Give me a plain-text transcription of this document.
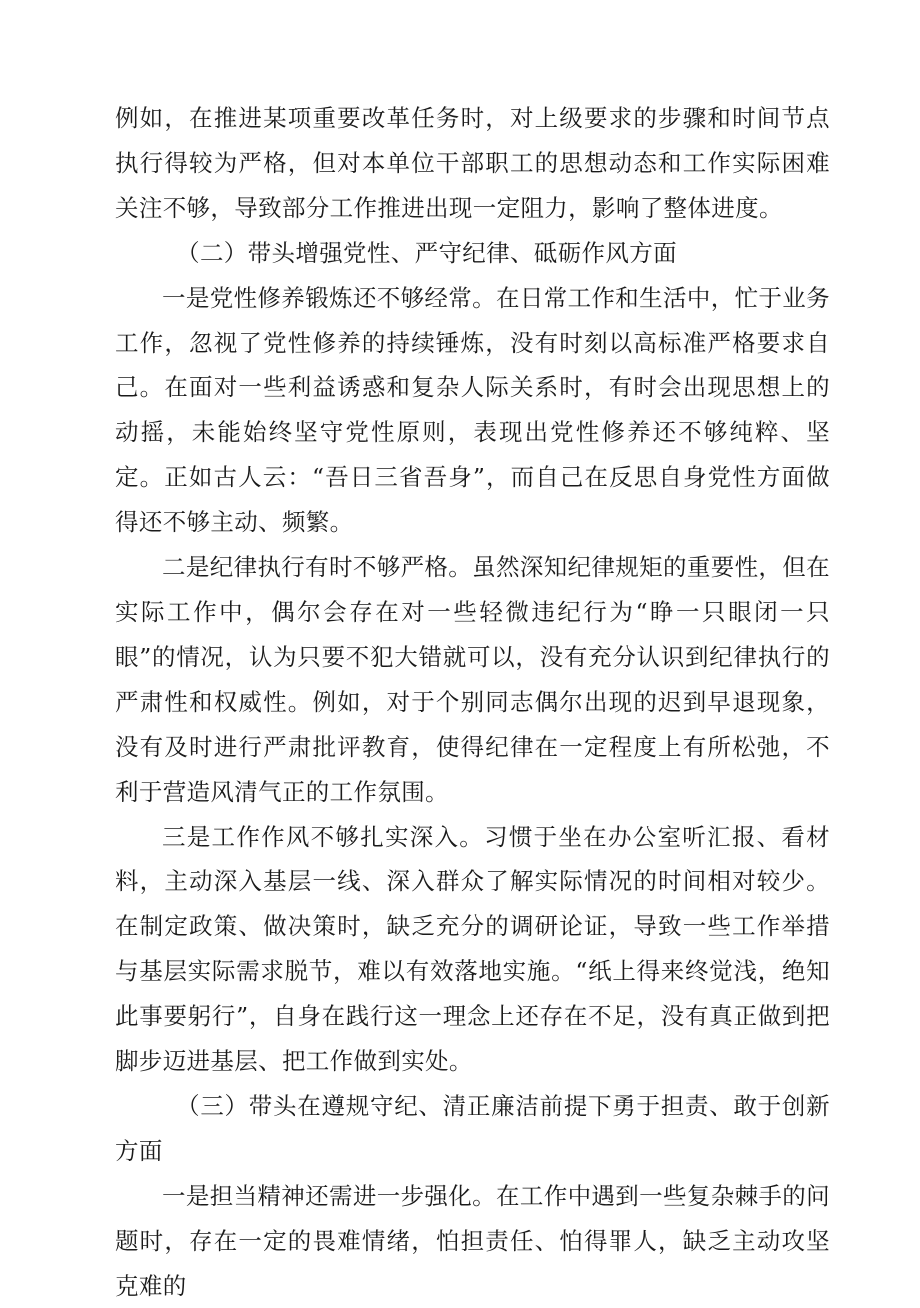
例如，在推进某项重要改革任务时，对上级要求的步骤和时间节点执行得较为严格，但对本单位干部职工的思想动态和工作实际困难关注不够，导致部分工作推进出现一定阻力，影响了整体进度。

（二）带头增强党性、严守纪律、砥砺作风方面

一是党性修养锻炼还不够经常。在日常工作和生活中，忙于业务工作，忽视了党性修养的持续锤炼，没有时刻以高标准严格要求自己。在面对一些利益诱惑和复杂人际关系时，有时会出现思想上的动摇，未能始终坚守党性原则，表现出党性修养还不够纯粹、坚定。正如古人云：“吾日三省吾身”，而自己在反思自身党性方面做得还不够主动、频繁。

二是纪律执行有时不够严格。虽然深知纪律规矩的重要性，但在实际工作中，偶尔会存在对一些轻微违纪行为“睁一只眼闭一只眼”的情况，认为只要不犯大错就可以，没有充分认识到纪律执行的严肃性和权威性。例如，对于个别同志偶尔出现的迟到早退现象，没有及时进行严肃批评教育，使得纪律在一定程度上有所松弛，不利于营造风清气正的工作氛围。

三是工作作风不够扎实深入。习惯于坐在办公室听汇报、看材料，主动深入基层一线、深入群众了解实际情况的时间相对较少。在制定政策、做决策时，缺乏充分的调研论证，导致一些工作举措与基层实际需求脱节，难以有效落地实施。“纸上得来终觉浅，绝知此事要躬行”，自身在践行这一理念上还存在不足，没有真正做到把脚步迈进基层、把工作做到实处。

（三）带头在遵规守纪、清正廉洁前提下勇于担责、敢于创新方面

一是担当精神还需进一步强化。在工作中遇到一些复杂棘手的问题时，存在一定的畏难情绪，怕担责任、怕得罪人，缺乏主动攻坚克难的
